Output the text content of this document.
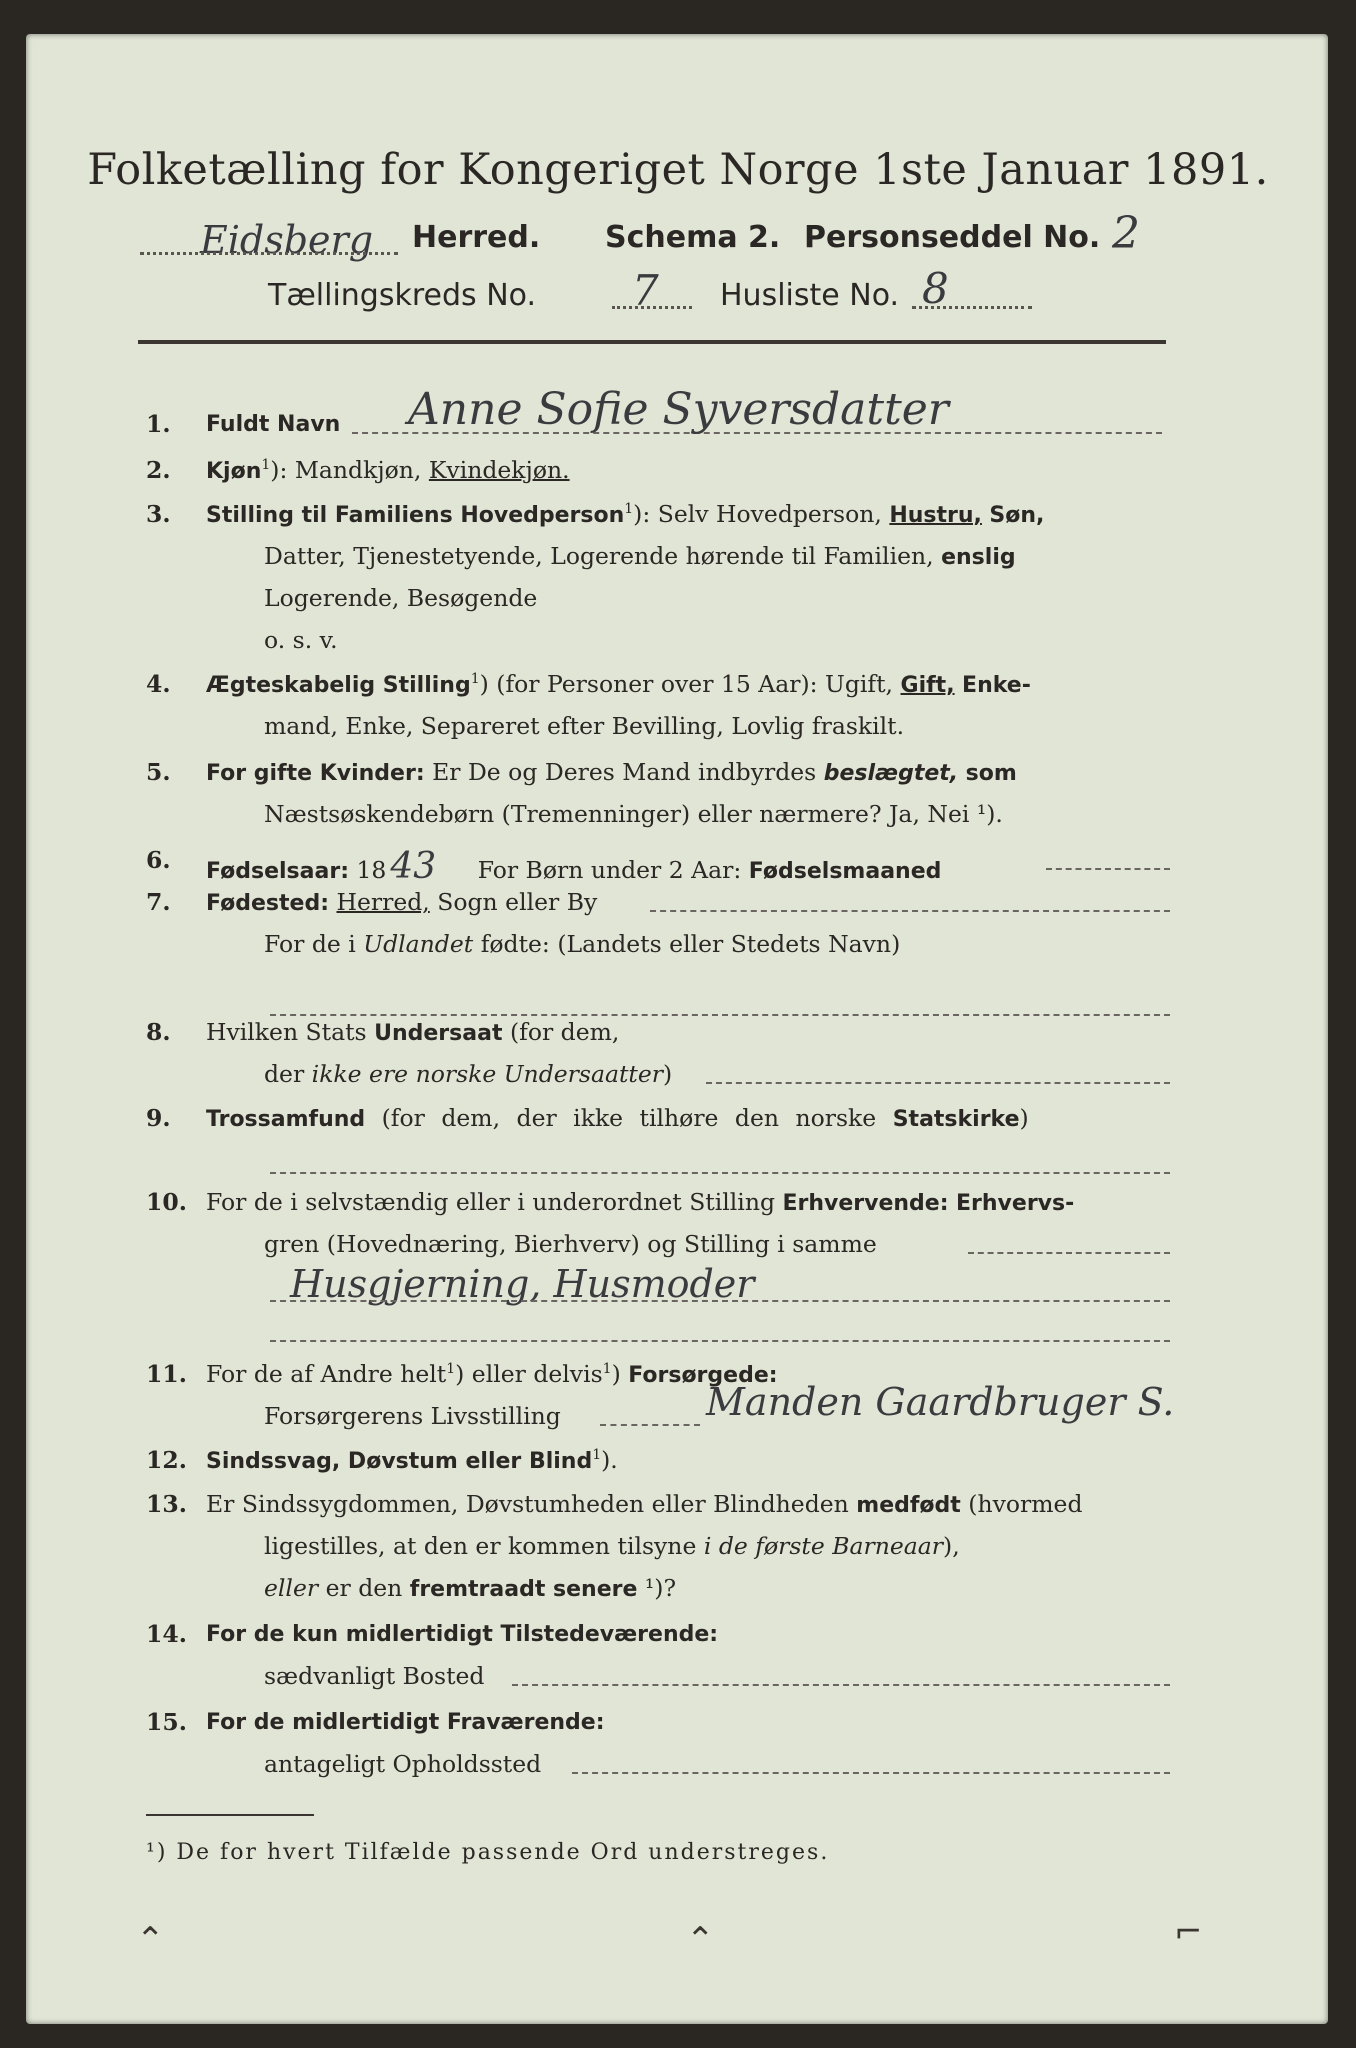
Folketælling for Kongeriget Norge 1ste Januar 1891.
Eidsberg Herred. Schema 2. Personseddel No. 2
Tællingskreds No. 7 Husliste No. 8
1. Fuldt Navn Anne Sofie Syversdatter
2. Kjøn$^1$): Mandkjøn, Kvindekjøn.
3. Stilling til Familiens Hovedperson$^1$): Selv Hovedperson, Hustru, Søn,
Datter, Tjenestetyende, Logerende hørende til Familien, enslig
Logerende, Besøgende
o. s. v.
4. Ægteskabelig Stilling$^1$) (for Personer over 15 Aar): Ugift, Gift, Enke-
mand, Enke, Separeret efter Bevilling, Lovlig fraskilt.
5. For gifte Kvinder: Er De og Deres Mand indbyrdes beslægtet, som
Næstsøskendebørn (Tremenninger) eller nærmere? Ja, Nei ¹).
6. Fødselsaar: 18 43 For Børn under 2 Aar: Fødselsmaaned
7. Fødested: Herred, Sogn eller By
For de i Udlandet fødte: (Landets eller Stedets Navn)
8. Hvilken Stats Undersaat (for dem,
der ikke ere norske Undersaatter)
9. Trossamfund (for dem, der ikke tilhøre den norske Statskirke)
10. For de i selvstændig eller i underordnet Stilling Erhvervende: Erhvervs-
gren (Hovednæring, Bierhverv) og Stilling i samme
Husgjerning, Husmoder
11. For de af Andre helt$^1$) eller delvis$^1$) Forsørgede:
Forsørgerens Livsstilling	Manden Gaardbruger S.
12. Sindssvag, Døvstum eller Blind$^1$).
13. Er Sindssygdommen, Døvstumheden eller Blindheden medfødt (hvormed
ligestilles, at den er kommen tilsyne i de første Barneaar),
eller er den fremtraadt senere ¹)?
14. For de kun midlertidigt Tilstedeværende:
sædvanligt Bosted
15. For de midlertidigt Fraværende:
antageligt Opholdssted
¹) De for hvert Tilfælde passende Ord understreges.
⌃	⌃	⌐
